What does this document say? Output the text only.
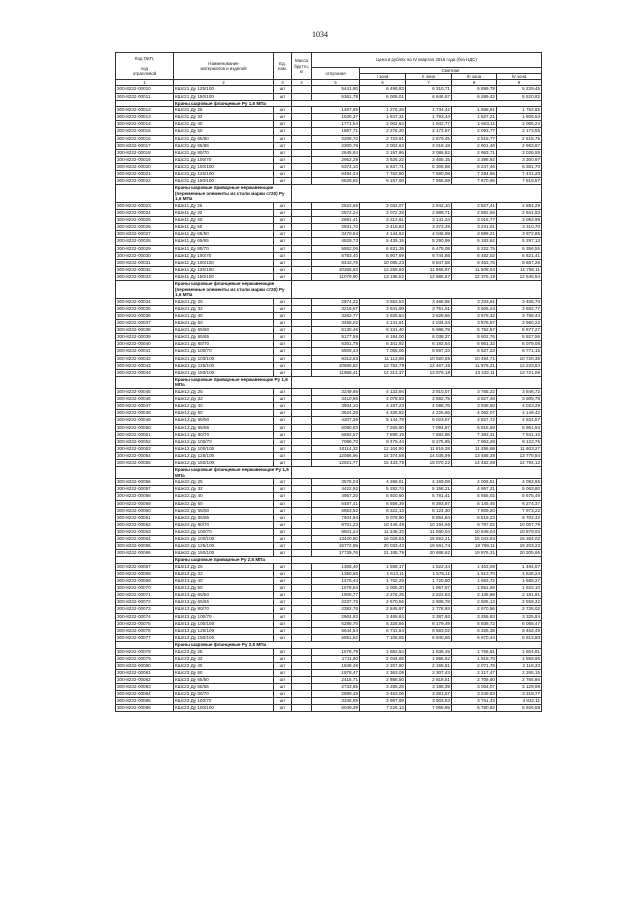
1034
Код ОКП,

код
отраслевой	Наименование
материалов и изделий	Ед.
изм.	Масса
брутто,
кг	Цена в рублях на IV квартал 2016 года (без НДС)				
				отпускная	Сметная			
					I зона	II зона	III зона	IV зона
1	2	3	4	5	6	7	8	9
300-8232-00010	КШс21 Ду 125/100	шт		5441,90	6 499,83	6 310,71	6 899,78	5 229,45
300-8232-00011	КШс21 Ду 150/100	шт		5361,78	6 005,01	6 646,67	6 289,42	5 520,82
	Краны шаровые фланцевые Ру 1,6 МПа							
300-8232-00012	КШс31 Ду 25	шт		1487,95	1 276,26	1 734,42	1 668,81	1 762,65
300-8232-00013	КШс31 Ду 32	шт		1630,37	1 847,31	1 793,44	1 827,21	1 806,53
300-8232-00014	КШс31 Ду 40	шт		1771,54	2 002,64	1 942,77	1 903,11	2 005,24
300-8232-00015	КШс31 Ду 50	шт		1867,71	2 276,20	2 173,67	2 093,77	2 173,55
300-8232-00016	КШс31 Ду 65/50	шт		2209,70	2 723,61	2 679,45	2 519,77	2 615,75
300-8232-00017	КШс31 Ду 65/65	шт		2300,76	3 002,63	3 019,18	2 901,48	2 963,87
300-8232-00018	КШс31 Ду 80/70	шт		2645,84	3 157,86	3 085,82	2 963,71	3 026,55
300-8232-00019	КШс31 Ду 100/70	шт		2952,29	3 525,22	3 465,15	3 398,92	3 300,97
300-8232-00020	КШс31 Ду 100/100	шт		5374,10	6 637,71	6 306,68	6 247,46	6 381,70
300-8232-00021	КШс31 Ду 125/100	шт		6494,44	7 762,50	7 580,08	7 284,56	7 441,20
300-8232-00022	КШс31 Ду 150/100	шт		6829,92	8 157,66	7 965,59	7 670,96	7 815,57
	Краны шаровые приварные нержавеющие (переменные элементы из стали марки ст20) Ру 1,6 МПа							
300-8232-00023	КШн11 Ду 25	шт		2522,66	3 032,07	2 942,10	2 827,41	2 884,29
300-8232-00024	КШн11 Ду 32	шт		2572,24	3 072,28	2 999,71	2 882,56	2 941,83
300-8232-00025	КШн11 Ду 40	шт		2691,41	3 212,61	3 141,24	3 016,77	3 083,99
300-8232-00026	КШн11 Ду 50	шт		2931,70	3 415,83	3 372,49	3 241,01	3 310,70
300-8232-00027	КШн11 Ду 65/50	шт		3470,64	4 144,62	4 046,99	3 899,21	3 972,85
300-8232-00028	КШн11 Ду 65/65	шт		4529,73	5 435,15	5 290,99	5 183,62	5 297,13
300-8232-00029	КШн11 Ду 80/70	шт		5552,06	6 631,39	6 475,08	6 222,75	6 356,55
300-8232-00030	КШн11 Ду 100/70	шт		5783,40	6 907,69	6 744,88	6 482,02	6 621,41
300-8232-00031	КШн11 Ду 100/100	шт		8443,76	10 085,23	9 847,68	9 463,76	9 667,26
300-8232-00032	КШн11 Ду 125/100	шт		10265,83	12 255,60	11 966,87	11 508,04	11 756,11
300-8232-00033	КШн11 Ду 150/100	шт		11079,90	13 196,52	12 885,57	12 375,19	12 645,54
	Краны шаровые фланцевые нержавеющие (переменные элементы из стали марки ст20) Ру 1,6 МПа							
300-8232-00034	КШн21 Ду 25	шт		2974,22	3 552,53	3 468,85	3 333,61	3 405,70
300-8232-00035	КШн21 Ду 32	шт		3216,67	3 841,99	3 751,51	3 605,24	3 682,77
300-8232-00036	КШн21 Ду 40	шт		3262,77	3 925,84	3 828,56	3 679,32	3 758,44
300-8232-00037	КШн21 Ду 50	шт		3459,02	4 131,61	4 034,34	3 876,67	3 960,22
300-8232-00038	КШн21 Ду 65/50	шт		5130,46	6 131,40	5 986,78	5 752,57	5 877,27
300-8232-00039	КШн21 Ду 65/65	шт		5177,59	6 184,00	6 038,37	5 802,76	5 927,56
300-8232-00040	КШн21 Ду 80/70	шт		5301,78	6 341,92	6 192,54	5 951,32	6 079,08
300-8232-00041	КШн21 Ду 100/70	шт		5908,44	7 065,06	6 897,33	6 627,23	6 771,15
300-8232-00042	КШн21 Ду 100/100	шт		9313,63	11 113,88	10 920,65	10 494,71	10 720,38
300-8232-00043	КШн21 Ду 125/100	шт		10665,52	12 762,79	12 467,16	11 976,21	12 233,84
300-8232-00044	КШн21 Ду 150/100	шт		11965,41	14 313,37	13 976,18	13 432,11	13 721,08
	Краны шаровые приварные нержавеющие Ру 1,6 МПа							
300-8232-00045	КШн12 Ду 25	шт		3249,88	4 133,94	3 910,57	3 765,22	3 846,72
300-8232-00046	КШн12 Ду 32	шт		3410,96	4 078,93	3 982,75	3 827,48	3 909,78
300-8232-00047	КШн12 Ду 40	шт		3504,10	4 197,23	4 098,76	3 938,60	4 023,29
300-8232-00048	КШн12 Ду 50	шт		3624,26	4 328,82	4 226,86	4 062,07	4 149,42
300-8232-00049	КШн12 Ду 65/50	шт		4307,36	5 144,79	5 023,67	4 827,72	4 931,57
300-8232-00050	КШн12 Ду 65/65	шт		6090,83	7 265,90	7 094,87	6 815,59	6 961,94
300-8232-00051	КШн12 Ду 80/70	шт		6582,57	7 898,19	7 682,86	7 383,31	7 541,10
300-8232-00052	КШн12 Ду 100/70	шт		7098,70	8 475,44	8 275,85	7 953,28	8 122,76
300-8232-00053	КШн12 Ду 100/100	шт		10114,32	12 104,90	11 819,28	11 358,98	11 603,27
300-8232-00054	КШн12 Ду 125/100	шт		12056,96	14 374,58	14 035,99	13 488,38	13 778,84
300-8232-00055	КШн12 Ду 150/100	шт		12921,77	15 433,78	15 070,22	14 482,09	14 794,12
	Краны шаровые фланцевые нержавеющие Ру 1,6 МПа							
300-8232-00056	КШн22 Ду 25	шт		3576,03	4 268,61	4 169,08	4 006,51	4 092,66
300-8232-00057	КШн22 Ду 32	шт		4422,92	5 282,74	5 158,21	4 957,21	5 063,80
300-8232-00058	КШн22 Ду 40	шт		4957,20	5 920,60	5 781,41	5 556,02	5 675,49
300-8232-00059	КШн22 Ду 50	шт		5487,41	6 556,39	6 393,87	6 145,45	6 274,37
300-8232-00060	КШн22 Ду 65/50	шт		6963,52	8 322,13	8 124,30	7 809,20	7 973,22
300-8232-00061	КШн22 Ду 65/65	шт		7604,94	9 078,90	8 864,84	8 519,23	8 702,42
300-8232-00062	КШн22 Ду 80/70	шт		8701,23	10 446,49	10 194,56	9 797,02	10 007,79
300-8232-00063	КШн22 Ду 100/70	шт		9501,24	11 348,33	11 080,04	10 649,04	10 879,03
300-8232-00064	КШн22 Ду 100/100	шт		13420,50	16 029,65	15 652,21	15 043,64	15 364,02
300-8232-00065	КШн22 Ду 125/100	шт		16772,99	20 033,43	19 561,74	18 799,11	19 203,23
300-8232-00066	КШн22 Ду 150/100	шт		17739,76	21 185,79	20 688,62	19 876,31	20 305,66
	Краны шаровые приварные Ру 2,5 МПа							
300-8232-00067	КШп13 Ду 25	шт		1305,40	1 558,17	1 522,44	1 463,09	1 494,57
300-8232-00068	КШп13 Ду 32	шт		1350,56	1 613,11	1 575,11	1 513,70	1 546,24
300-8232-00069	КШп13 Ду 40	шт		1475,44	1 762,29	1 720,80	1 653,72	1 689,27
300-8232-00070	КШп13 Ду 50	шт		1678,84	2 005,20	1 957,57	1 881,69	1 922,10
300-8232-00071	КШп13 Ду 65/50	шт		1905,77	2 276,25	2 222,63	2 135,98	2 181,91
300-8232-00072	КШп13 Ду 65/65	шт		2237,75	2 670,56	2 608,78	2 505,13	2 559,32
300-8232-00073	КШп13 Ду 80/70	шт		2382,78	2 845,97	2 778,93	2 670,56	2 728,02
300-8232-00074	КШп13 Ду 100/70	шт		2904,92	3 469,64	3 387,93	3 255,83	3 325,84
300-8232-00075	КШп13 Ду 100/100	шт		5298,70	6 328,56	6 179,49	5 938,72	6 066,47
300-8232-00076	КШп13 Ду 125/100	шт		5644,54	6 741,64	6 583,02	6 326,38	6 462,49
300-8232-00077	КШп13 Ду 150/100	шт		5951,52	7 108,65	6 940,66	6 670,44	6 813,80
	Краны шаровые фланцевые Ру 2,5 МПа							
300-8232-00078	КШс23 Ду 25	шт		1576,79	1 882,84	1 838,49	1 766,81	1 804,81
300-8232-00079	КШс23 Ду 32	шт		1711,90	2 044,68	1 996,52	1 918,70	1 959,96
300-8232-00080	КШс23 Ду 40	шт		1848,48	2 207,80	2 155,81	2 071,76	2 116,33
300-8232-00081	КШс23 Ду 50	шт		1978,47	2 363,09	2 307,43	2 217,47	2 265,15
300-8232-00082	КШс23 Ду 65/50	шт		2416,71	2 886,50	2 818,51	2 708,60	2 766,86
300-8232-00083	КШс23 Ду 65/65	шт		2733,85	3 265,28	3 188,39	3 064,07	3 129,98
300-8232-00084	КШс23 Ду 80/70	шт		2899,48	3 463,06	3 381,67	3 249,83	3 319,77
300-8232-00085	КШс23 Ду 100/70	шт		3346,86	3 997,98	3 903,63	3 751,43	3 832,11
300-8232-00086	КШс23 Ду 100/100	шт		6049,39	7 226,13	7 055,99	6 780,92	6 926,58
